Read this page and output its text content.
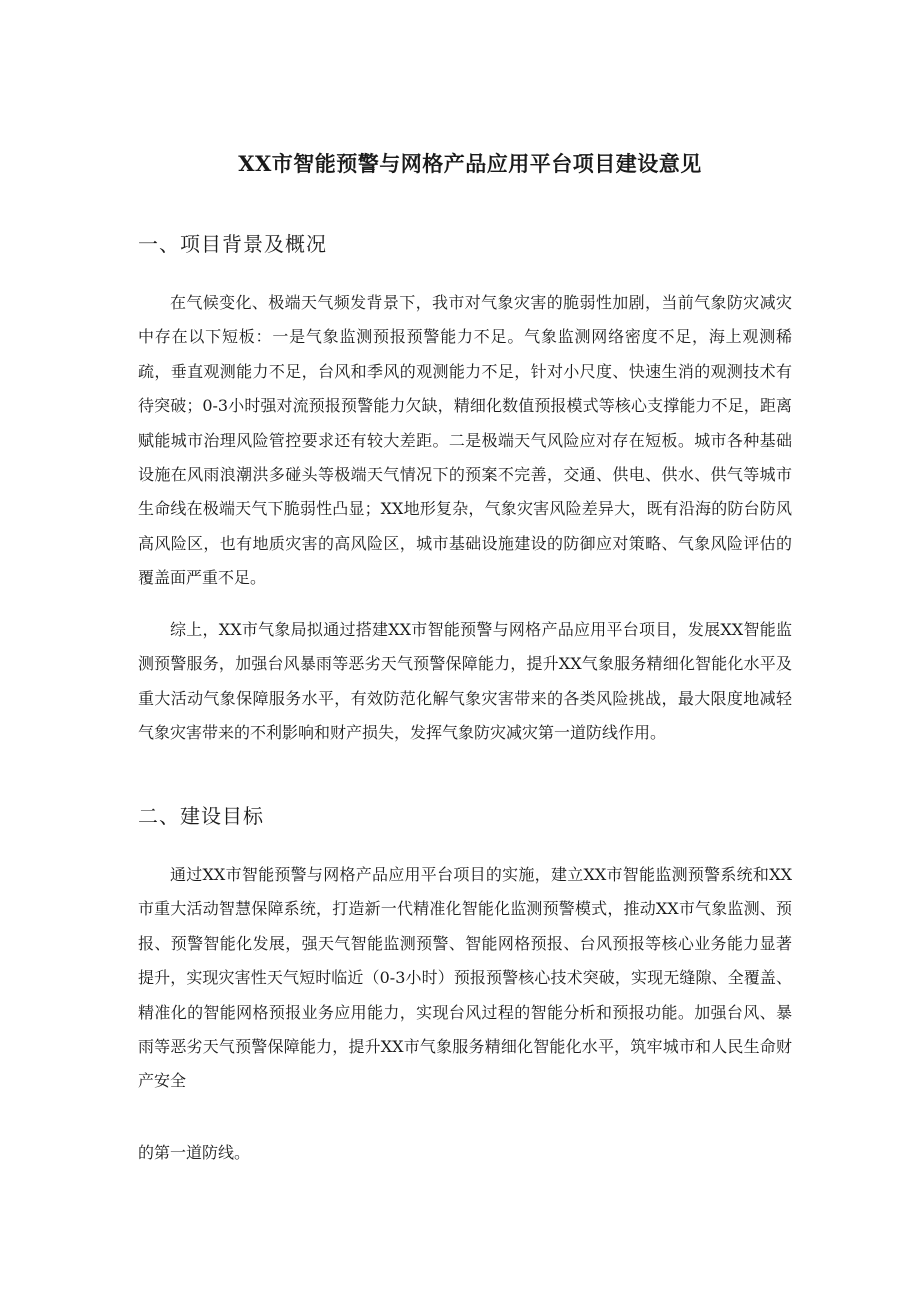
XX市智能预警与网格产品应用平台项目建设意见
一、项目背景及概况

在气候变化、极端天气频发背景下，我市对气象灾害的脆弱性加剧，当前气象防灾减灾中存在以下短板：一是气象监测预报预警能力不足。气象监测网络密度不足，海上观测稀疏，垂直观测能力不足，台风和季风的观测能力不足，针对小尺度、快速生消的观测技术有待突破；0-3小时强对流预报预警能力欠缺，精细化数值预报模式等核心支撑能力不足，距离赋能城市治理风险管控要求还有较大差距。二是极端天气风险应对存在短板。城市各种基础设施在风雨浪潮洪多碰头等极端天气情况下的预案不完善，交通、供电、供水、供气等城市生命线在极端天气下脆弱性凸显；XX地形复杂，气象灾害风险差异大，既有沿海的防台防风高风险区，也有地质灾害的高风险区，城市基础设施建设的防御应对策略、气象风险评估的覆盖面严重不足。

综上，XX市气象局拟通过搭建XX市智能预警与网格产品应用平台项目，发展XX智能监测预警服务，加强台风暴雨等恶劣天气预警保障能力，提升XX气象服务精细化智能化水平及重大活动气象保障服务水平，有效防范化解气象灾害带来的各类风险挑战，最大限度地减轻气象灾害带来的不利影响和财产损失，发挥气象防灾减灾第一道防线作用。

二、建设目标

通过XX市智能预警与网格产品应用平台项目的实施，建立XX市智能监测预警系统和XX市重大活动智慧保障系统，打造新一代精准化智能化监测预警模式，推动XX市气象监测、预报、预警智能化发展，强天气智能监测预警、智能网格预报、台风预报等核心业务能力显著提升，实现灾害性天气短时临近（0-3小时）预报预警核心技术突破，实现无缝隙、全覆盖、精准化的智能网格预报业务应用能力，实现台风过程的智能分析和预报功能。加强台风、暴雨等恶劣天气预警保障能力，提升XX市气象服务精细化智能化水平，筑牢城市和人民生命财产安全

的第一道防线。
